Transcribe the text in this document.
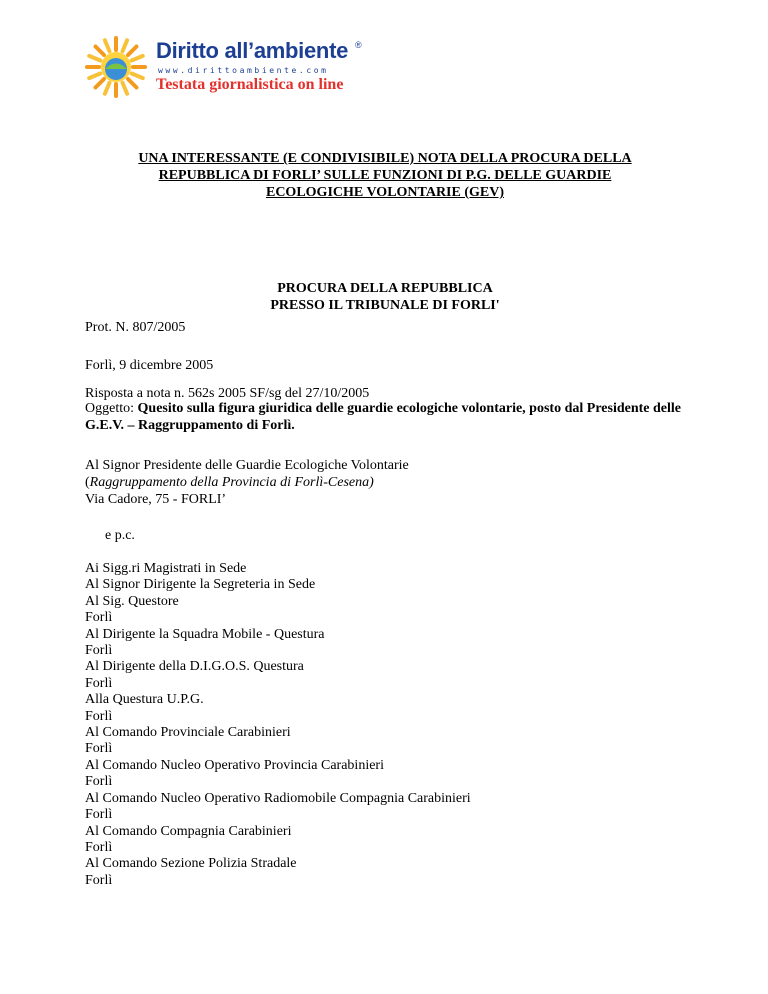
Diritto all’ambiente ®
www.dirittoambiente.com
Testata giornalistica on line
UNA INTERESSANTE (E CONDIVISIBILE) NOTA DELLA PROCURA DELLA
REPUBBLICA DI FORLI’ SULLE FUNZIONI DI P.G. DELLE GUARDIE
ECOLOGICHE VOLONTARIE (GEV)
PROCURA DELLA REPUBBLICA
PRESSO IL TRIBUNALE DI FORLI'
Prot. N. 807/2005
Forlì, 9 dicembre 2005
Risposta a nota n. 562s 2005 SF/sg del 27/10/2005
Oggetto: Quesito sulla figura giuridica delle guardie ecologiche volontarie, posto dal Presidente delle G.E.V. – Raggruppamento di Forlì.
Al Signor Presidente delle Guardie Ecologiche Volontarie
(Raggruppamento della Provincia di Forlì-Cesena)
Via Cadore, 75 - FORLI’
e p.c.
Ai Sigg.ri Magistrati in Sede
Al Signor Dirigente la Segreteria in Sede
Al Sig. Questore
Forlì
Al Dirigente la Squadra Mobile - Questura
Forlì
Al Dirigente della D.I.G.O.S. Questura
Forlì
Alla Questura U.P.G.
Forlì
Al Comando Provinciale Carabinieri
Forlì
Al Comando Nucleo Operativo Provincia Carabinieri
Forlì
Al Comando Nucleo Operativo Radiomobile Compagnia Carabinieri
Forlì
Al Comando Compagnia Carabinieri
Forlì
Al Comando Sezione Polizia Stradale
Forlì
